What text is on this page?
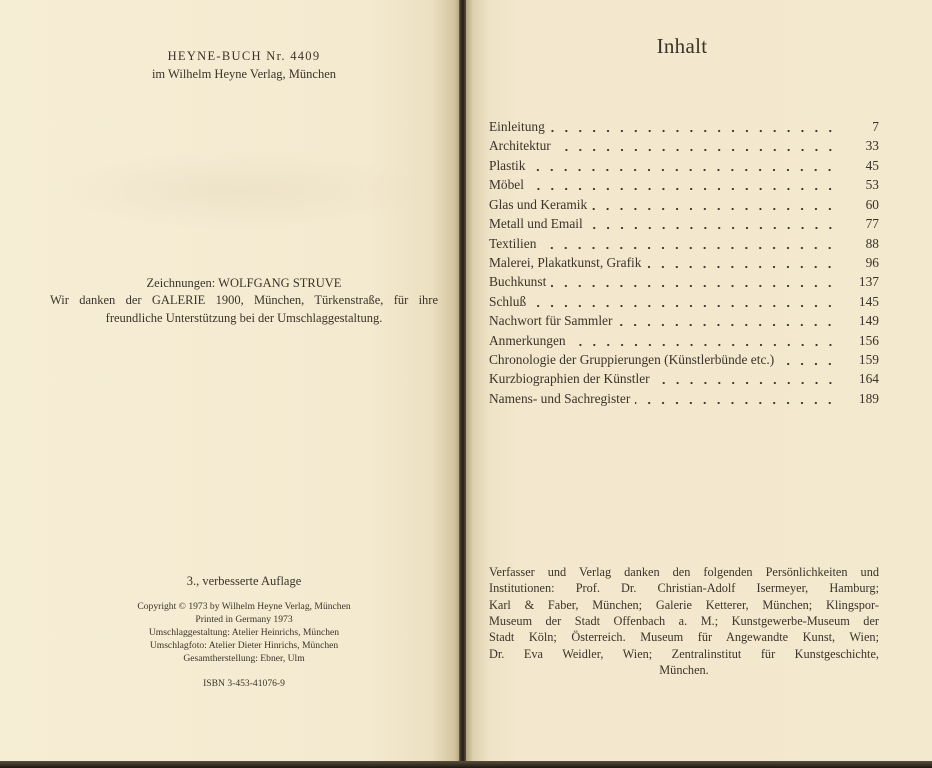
HEYNE-BUCH Nr. 4409
im Wilhelm Heyne Verlag, München
Zeichnungen: WOLFGANG STRUVE
Wir danken der GALERIE 1900, München, Türkenstraße, für ihre
freundliche Unterstützung bei der Umschlaggestaltung.
3., verbesserte Auflage
Copyright © 1973 by Wilhelm Heyne Verlag, München
Printed in Germany 1973
Umschlaggestaltung: Atelier Heinrichs, München
Umschlagfoto: Atelier Dieter Hinrichs, München
Gesamtherstellung: Ebner, Ulm
ISBN 3-453-41076-9
Inhalt
Einleitung	7
Architektur	33
Plastik	45
Möbel	53
Glas und Keramik	60
Metall und Email	77
Textilien	88
Malerei, Plakatkunst, Grafik	96
Buchkunst	137
Schluß	145
Nachwort für Sammler	149
Anmerkungen	156
Chronologie der Gruppierungen (Künstlerbünde etc.)	159
Kurzbiographien der Künstler	164
Namens- und Sachregister	189
Verfasser und Verlag danken den folgenden Persönlichkeiten und
Institutionen: Prof. Dr. Christian-Adolf Isermeyer, Hamburg;
Karl & Faber, München; Galerie Ketterer, München; Klingspor-
Museum der Stadt Offenbach a. M.; Kunstgewerbe-Museum der
Stadt Köln; Österreich. Museum für Angewandte Kunst, Wien;
Dr. Eva Weidler, Wien; Zentralinstitut für Kunstgeschichte,
München.
